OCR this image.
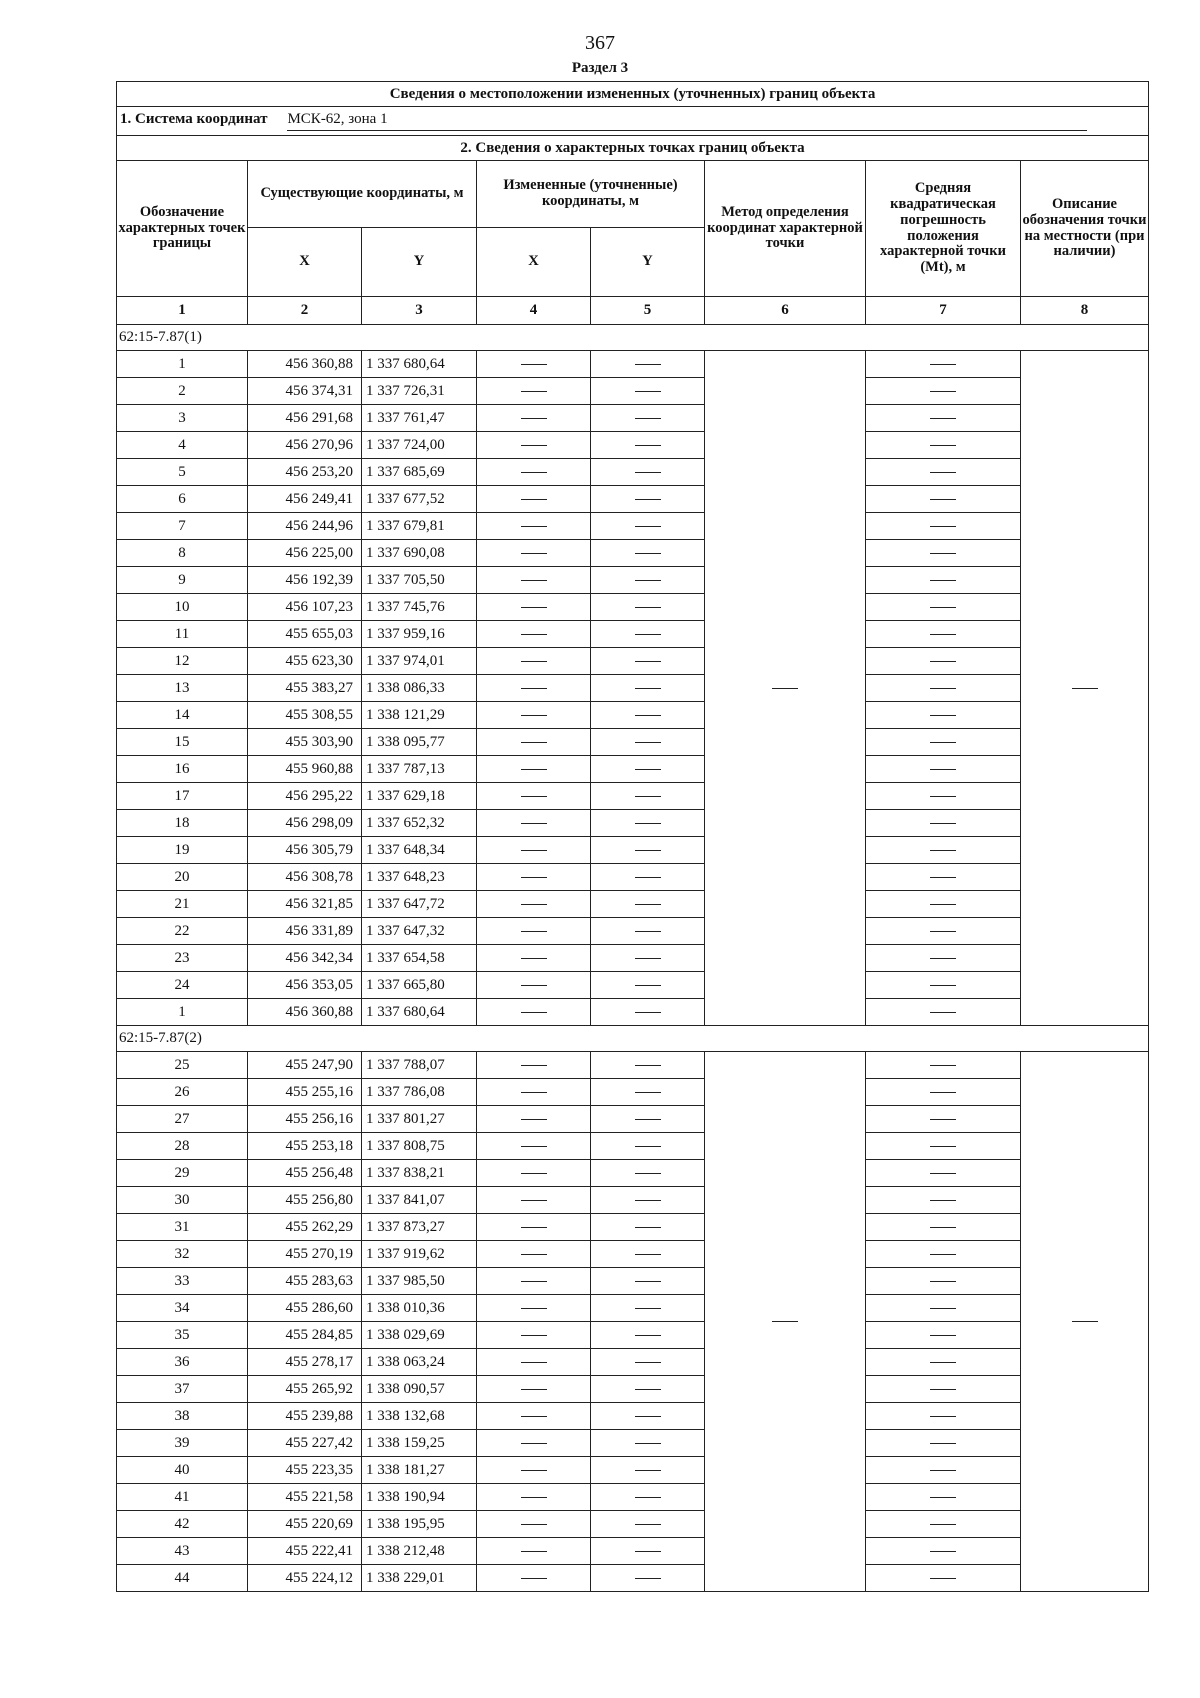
367
Раздел 3
Сведения о местоположении измененных (уточненных) границ объекта							
1. Система координат МСК-62, зона 1							
2. Сведения о характерных точках границ объекта							
Обозначение характерных точек границы	Существующие координаты, м		Измененные (уточненные) координаты, м		Метод определения координат характерной точки	Средняя квадратическая погрешность положения характерной точки (Mt), м	Описание обозначения точки на местности (при наличии)
	X	Y	X	Y			
1	2	3	4	5	6	7	8
62:15-7.87(1)							
1	456 360,88	1 337 680,64					
2	456 374,31	1 337 726,31					
3	456 291,68	1 337 761,47					
4	456 270,96	1 337 724,00					
5	456 253,20	1 337 685,69					
6	456 249,41	1 337 677,52					
7	456 244,96	1 337 679,81					
8	456 225,00	1 337 690,08					
9	456 192,39	1 337 705,50					
10	456 107,23	1 337 745,76					
11	455 655,03	1 337 959,16					
12	455 623,30	1 337 974,01					
13	455 383,27	1 338 086,33					
14	455 308,55	1 338 121,29					
15	455 303,90	1 338 095,77					
16	455 960,88	1 337 787,13					
17	456 295,22	1 337 629,18					
18	456 298,09	1 337 652,32					
19	456 305,79	1 337 648,34					
20	456 308,78	1 337 648,23					
21	456 321,85	1 337 647,72					
22	456 331,89	1 337 647,32					
23	456 342,34	1 337 654,58					
24	456 353,05	1 337 665,80					
1	456 360,88	1 337 680,64					
62:15-7.87(2)							
25	455 247,90	1 337 788,07					
26	455 255,16	1 337 786,08					
27	455 256,16	1 337 801,27					
28	455 253,18	1 337 808,75					
29	455 256,48	1 337 838,21					
30	455 256,80	1 337 841,07					
31	455 262,29	1 337 873,27					
32	455 270,19	1 337 919,62					
33	455 283,63	1 337 985,50					
34	455 286,60	1 338 010,36					
35	455 284,85	1 338 029,69					
36	455 278,17	1 338 063,24					
37	455 265,92	1 338 090,57					
38	455 239,88	1 338 132,68					
39	455 227,42	1 338 159,25					
40	455 223,35	1 338 181,27					
41	455 221,58	1 338 190,94					
42	455 220,69	1 338 195,95					
43	455 222,41	1 338 212,48					
44	455 224,12	1 338 229,01					
